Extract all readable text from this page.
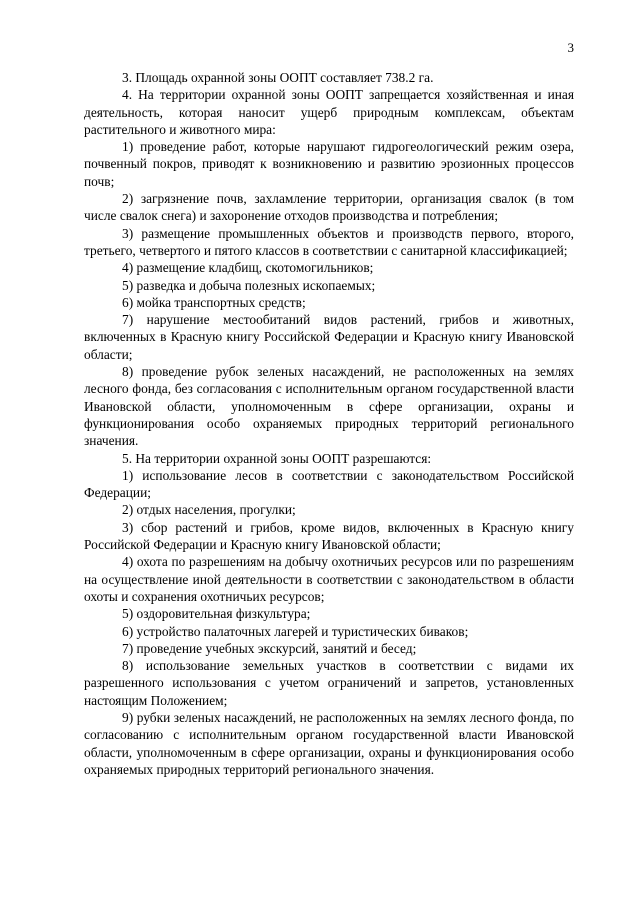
3

3. Площадь охранной зоны ООПТ составляет 738.2 га.

4. На территории охранной зоны ООПТ запрещается хозяйственная и иная деятельность, которая наносит ущерб природным комплексам, объектам растительного и животного мира:

1) проведение работ, которые нарушают гидрогеологический режим озера, почвенный покров, приводят к возникновению и развитию эрозионных процессов почв;

2) загрязнение почв, захламление территории, организация свалок (в том числе свалок снега) и захоронение отходов производства и потребления;

3) размещение промышленных объектов и производств первого, второго, третьего, четвертого и пятого классов в соответствии с санитарной классификацией;

4) размещение кладбищ, скотомогильников;

5) разведка и добыча полезных ископаемых;

6) мойка транспортных средств;

7) нарушение местообитаний видов растений, грибов и животных, включенных в Красную книгу Российской Федерации и Красную книгу Ивановской области;

8) проведение рубок зеленых насаждений, не расположенных на землях лесного фонда, без согласования с исполнительным органом государственной власти Ивановской области, уполномоченным в сфере организации, охраны и функционирования особо охраняемых природных территорий регионального значения.

5. На территории охранной зоны ООПТ разрешаются:

1) использование лесов в соответствии с законодательством Российской Федерации;

2) отдых населения, прогулки;

3) сбор растений и грибов, кроме видов, включенных в Красную книгу Российской Федерации и Красную книгу Ивановской области;

4) охота по разрешениям на добычу охотничьих ресурсов или по разрешениям на осуществление иной деятельности в соответствии с законодательством в области охоты и сохранения охотничьих ресурсов;

5) оздоровительная физкультура;

6) устройство палаточных лагерей и туристических биваков;

7) проведение учебных экскурсий, занятий и бесед;

8) использование земельных участков в соответствии с видами их разрешенного использования с учетом ограничений и запретов, установленных настоящим Положением;

9) рубки зеленых насаждений, не расположенных на землях лесного фонда, по согласованию с исполнительным органом государственной власти Ивановской области, уполномоченным в сфере организации, охраны и функционирования особо охраняемых природных территорий регионального значения.
